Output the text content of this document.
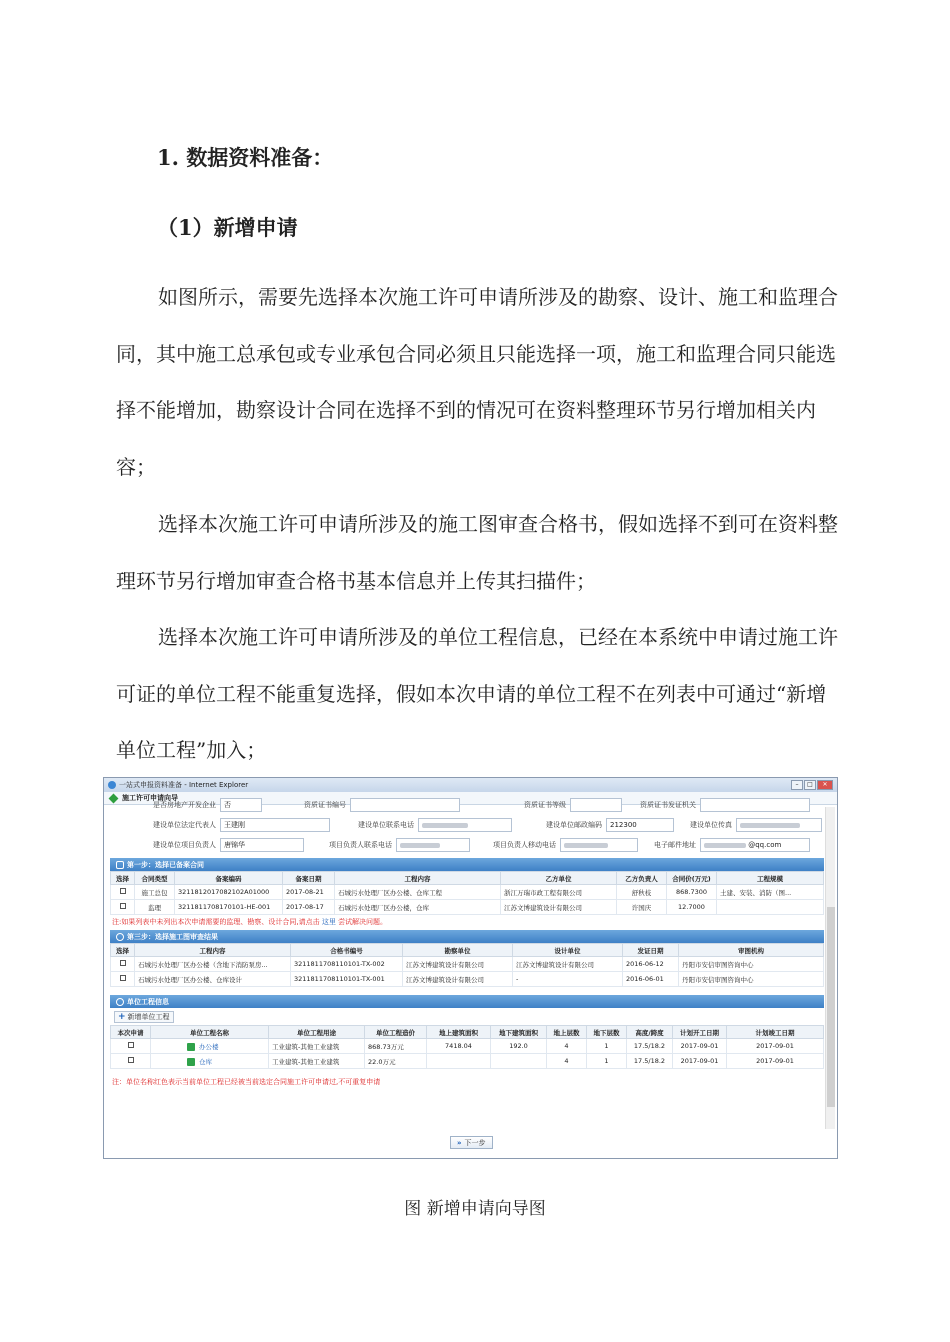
1. 数据资料准备：
（1）新增申请
如图所示，需要先选择本次施工许可申请所涉及的勘察、设计、施工和监理合同，其中施工总承包或专业承包合同必须且只能选择一项，施工和监理合同只能选择不能增加，勘察设计合同在选择不到的情况可在资料整理环节另行增加相关内容；
选择本次施工许可申请所涉及的施工图审查合格书，假如选择不到可在资料整理环节另行增加审查合格书基本信息并上传其扫描件；
选择本次施工许可申请所涉及的单位工程信息，已经在本系统中申请过施工许可证的单位工程不能重复选择，假如本次申请的单位工程不在列表中可通过“新增单位工程”加入；
一站式申报资料准备 - Internet Explorer	–	□	✕
施工许可申请向导
是否房地产开发企业	否	资质证书编号	资质证书等级	资质证书发证机关
建设单位法定代表人	王建刚	建设单位联系电话	建设单位邮政编码	212300	建设单位传真
建设单位项目负责人	唐锦华	项目负责人联系电话	项目负责人移动电话	电子邮件地址	@qq.com
第一步：选择已备案合同
选择	合同类型	备案编码	备案日期	工程内容	乙方单位	乙方负责人	合同价(万元)	工程规模
	施工总包	3211812017082102A01000	2017-08-21	石城污水处理厂区办公楼、仓库工程	浙江万瑞市政工程有限公司	舒秋枝	868.7300	土建、安装、消防（图...
	监理	3211811708170101-HE-001	2017-08-17	石城污水处理厂区办公楼，仓库	江苏文博建筑设计有限公司	许国庆	12.7000	
注:如果列表中未列出本次申请需要的监理、勘察、设计合同,请点击 这里 尝试解决问题。
第三步：选择施工图审查结果
选择	工程内容	合格书编号	勘察单位	设计单位	发证日期	审图机构
	石城污水处理厂区办公楼（含地下消防泵房...	3211811708110101-TX-002	江苏文博建筑设计有限公司	江苏文博建筑设计有限公司	2016-06-12	丹阳市安信审图咨询中心
	石城污水处理厂区办公楼、仓库设计	3211811708110101-TX-001	江苏文博建筑设计有限公司	-	2016-06-01	丹阳市安信审图咨询中心
单位工程信息
+ 新增单位工程
本次申请	单位工程名称	单位工程用途	单位工程造价	地上建筑面积	地下建筑面积	地上层数	地下层数	高度/跨度	计划开工日期	计划竣工日期
	办公楼	工业建筑-其他工业建筑	868.73万元	7418.04	192.0	4	1	17.5/18.2	2017-09-01	2017-09-01
	仓库	工业建筑-其他工业建筑	22.0万元			4	1	17.5/18.2	2017-09-01	2017-09-01
注：单位名称红色表示当前单位工程已经被当前选定合同施工许可申请过,不可重复申请
» 下一步
图 新增申请向导图
